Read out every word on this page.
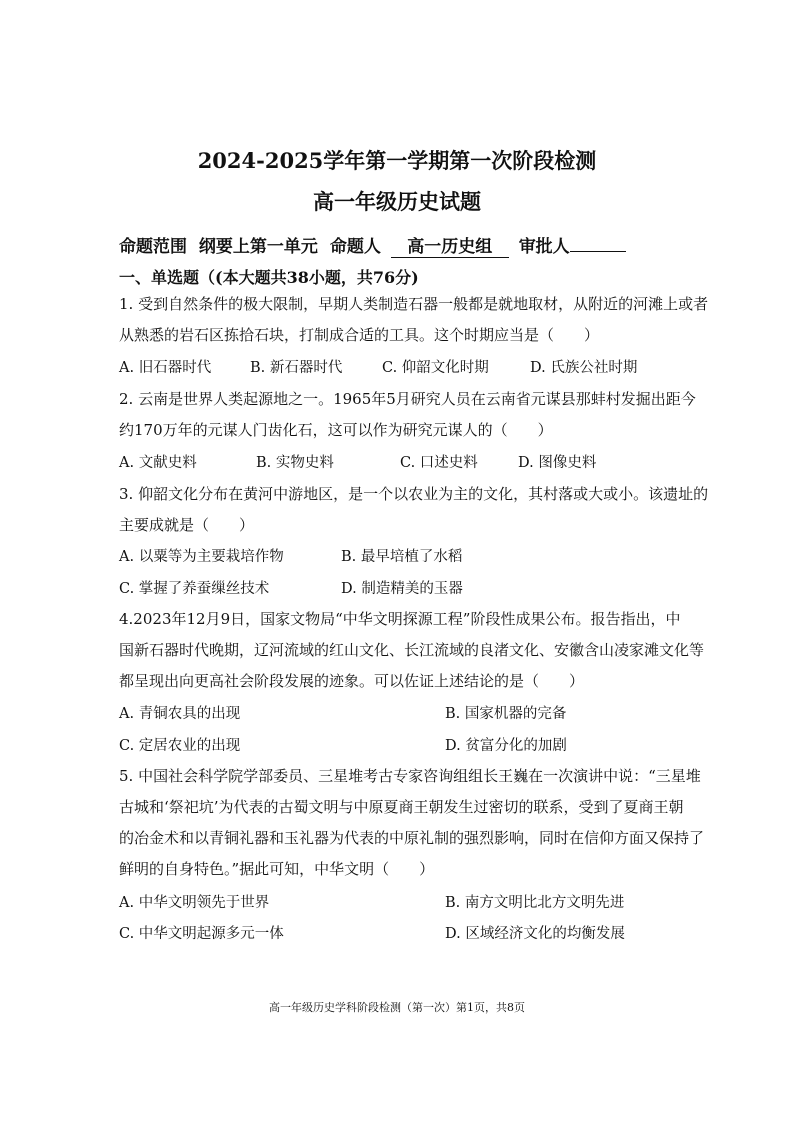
2024-2025学年第一学期第一次阶段检测
高一年级历史试题
命题范围 纲要上第一单元 命题人 高一历史组 审批人
一、单选题（(本大题共38小题，共76分)
1. 受到自然条件的极大限制，早期人类制造石器一般都是就地取材，从附近的河滩上或者
从熟悉的岩石区拣拾石块，打制成合适的工具。这个时期应当是（　　）
A. 旧石器时代	B. 新石器时代	C. 仰韶文化时期	D. 氏族公社时期
2. 云南是世界人类起源地之一。1965年5月研究人员在云南省元谋县那蚌村发掘出距今
约170万年的元谋人门齿化石，这可以作为研究元谋人的（　　）
A. 文献史料	B. 实物史料	C. 口述史料	D. 图像史料
3. 仰韶文化分布在黄河中游地区，是一个以农业为主的文化，其村落或大或小。该遗址的
主要成就是（　　）
A. 以粟等为主要栽培作物	B. 最早培植了水稻
C. 掌握了养蚕缫丝技术	D. 制造精美的玉器
4.2023年12月9日，国家文物局“中华文明探源工程”阶段性成果公布。报告指出，中
国新石器时代晚期，辽河流域的红山文化、长江流域的良渚文化、安徽含山凌家滩文化等
都呈现出向更高社会阶段发展的迹象。可以佐证上述结论的是（　　）
A. 青铜农具的出现	B. 国家机器的完备
C. 定居农业的出现	D. 贫富分化的加剧
5. 中国社会科学院学部委员、三星堆考古专家咨询组组长王巍在一次演讲中说：“三星堆
古城和‘祭祀坑’为代表的古蜀文明与中原夏商王朝发生过密切的联系，受到了夏商王朝
的冶金术和以青铜礼器和玉礼器为代表的中原礼制的强烈影响，同时在信仰方面又保持了
鲜明的自身特色。”据此可知，中华文明（　　）
A. 中华文明领先于世界	B. 南方文明比北方文明先进
C. 中华文明起源多元一体	D. 区域经济文化的均衡发展
高一年级历史学科阶段检测（第一次）第1页，共8页
